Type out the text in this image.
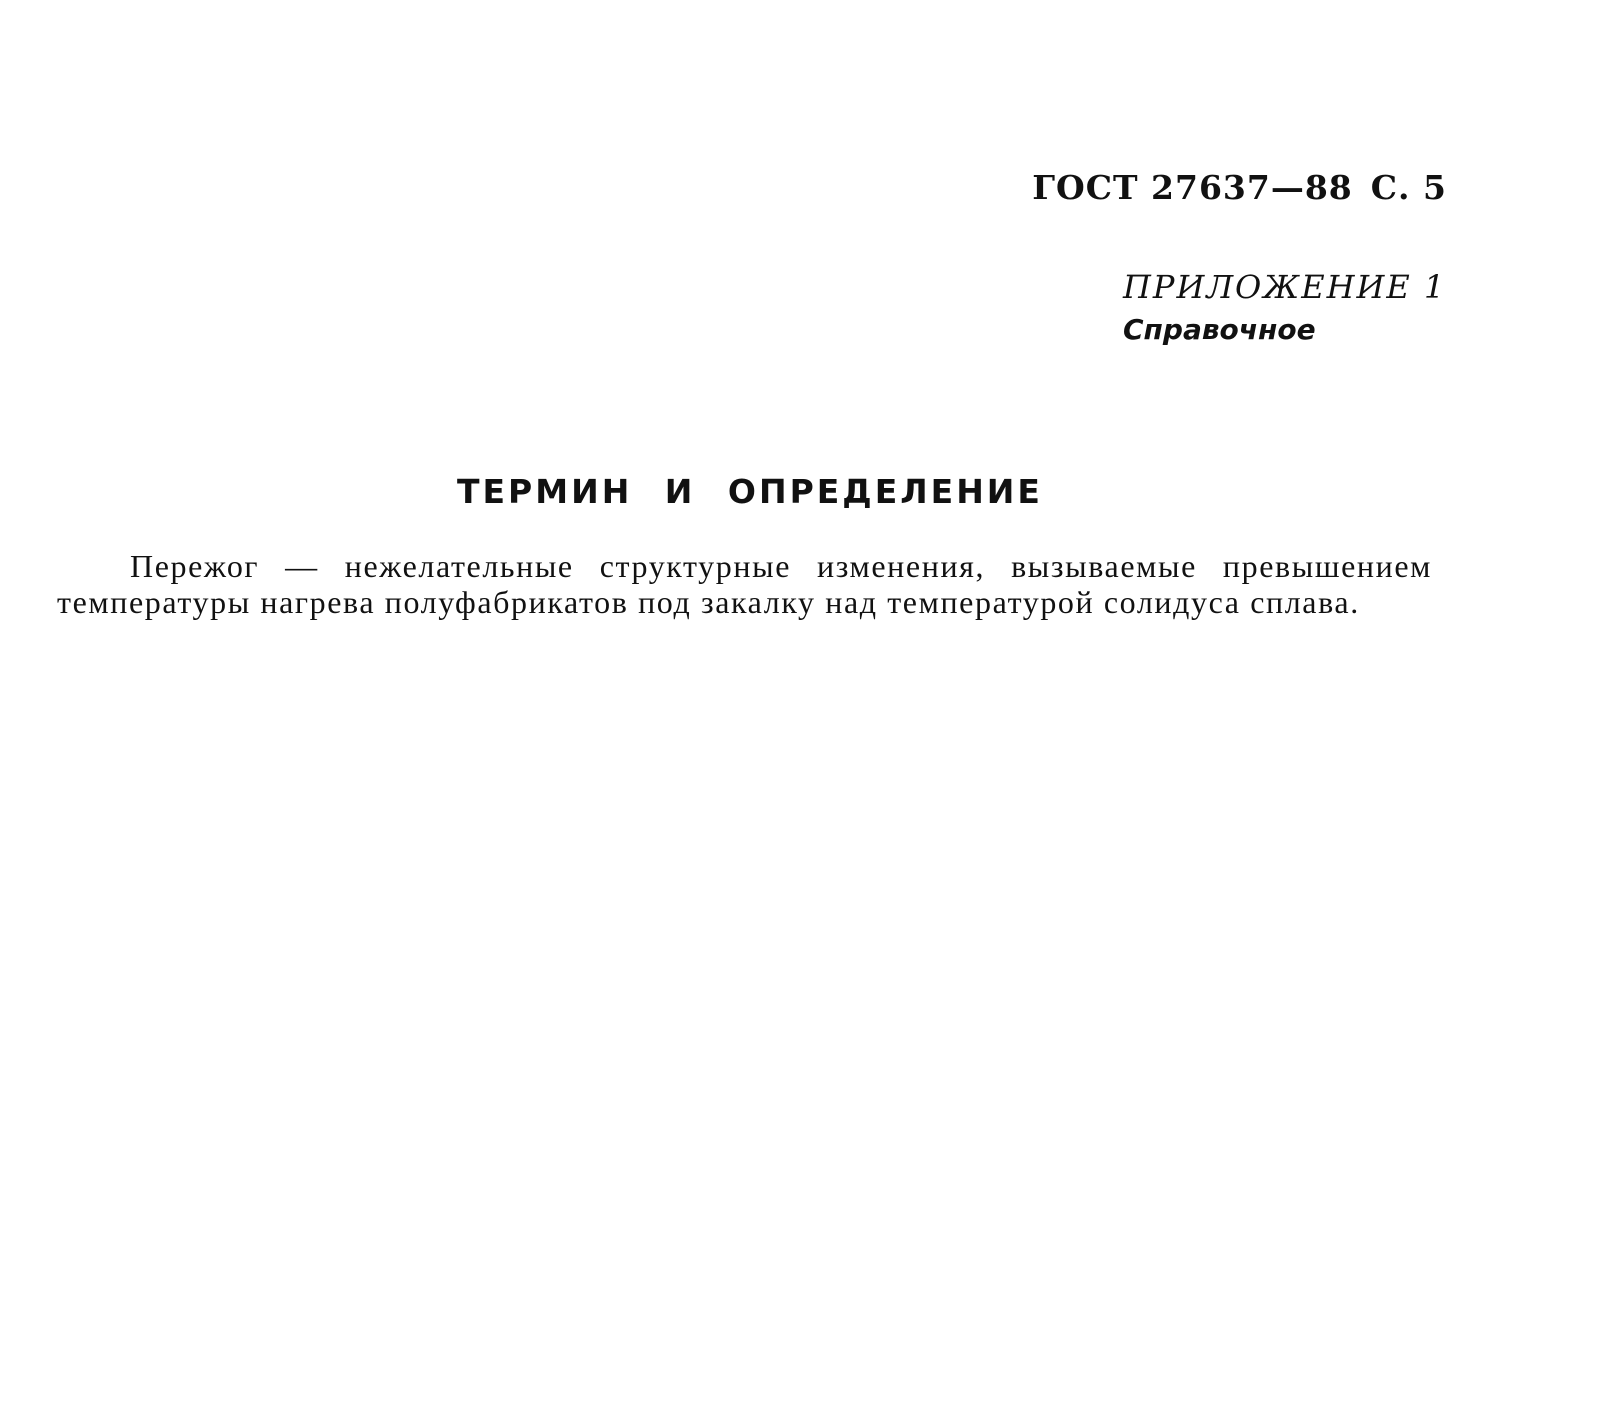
ГОСТ 27637—88 С. 5
ПРИЛОЖЕНИЕ 1
Справочное
ТЕРМИН И ОПРЕДЕЛЕНИЕ

Пережог — нежелательные структурные изменения, вызываемые превышением температуры нагрева полуфабрикатов под закалку над температурой солидуса сплава.
